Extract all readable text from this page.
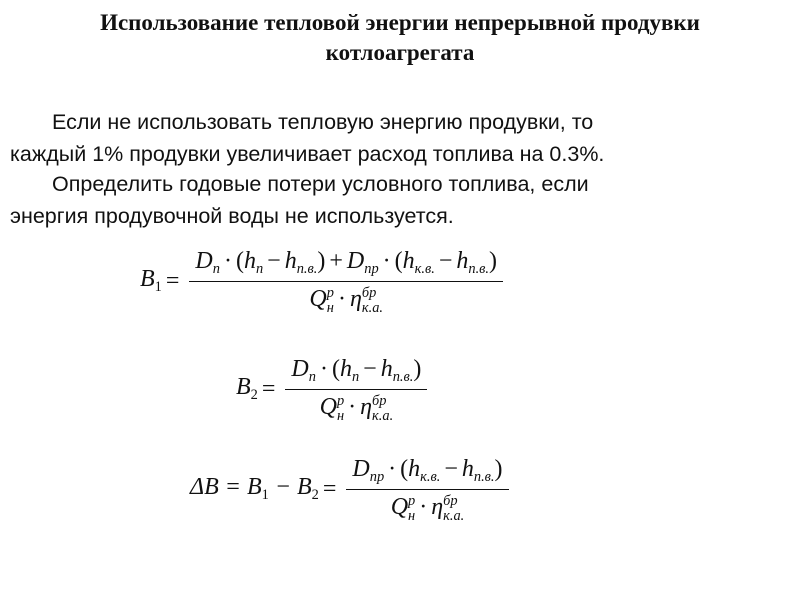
Использование тепловой энергии непрерывной продувки
котлоагрегата
Если не использовать тепловую энергию продувки, то
каждый 1% продувки увеличивает расход топлива на 0.3%.
Определить годовые потери условного топлива, если
энергия продувочной воды не используется.
$B_1 = D_п \cdot (h_п - h_{п.в.}) + D_{пр} \cdot (h_{к.в.} - h_{п.в.})$
Q р
н · η бр
к.а.
$B_2 = D_п \cdot (h_п - h_{п.в.})$
Q р
н · η бр
к.а.
$\Delta B = B_1 - B_2 = D_{пр} \cdot (h_{к.в.} - h_{п.в.})$
Q р
н · η бр
к.а.
